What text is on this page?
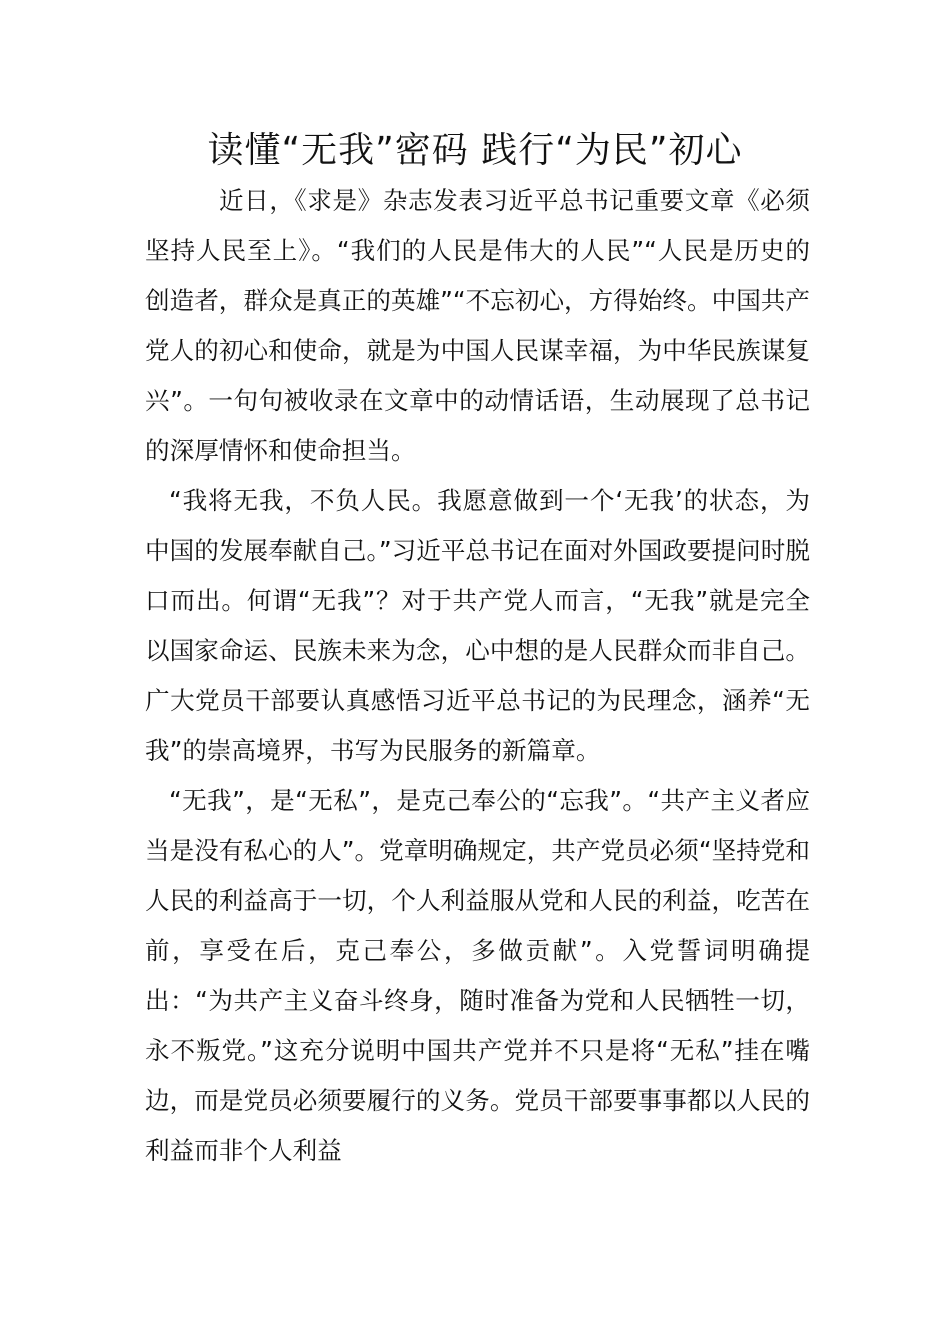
读懂“无我”密码 践行“为民”初心

近日，《求是》杂志发表习近平总书记重要文章《必须坚持人民至上》。“我们的人民是伟大的人民”“人民是历史的创造者，群众是真正的英雄”“不忘初心，方得始终。中国共产党人的初心和使命，就是为中国人民谋幸福，为中华民族谋复兴”。一句句被收录在文章中的动情话语，生动展现了总书记的深厚情怀和使命担当。

“我将无我，不负人民。我愿意做到一个‘无我’的状态，为中国的发展奉献自己。”习近平总书记在面对外国政要提问时脱口而出。何谓“无我”？对于共产党人而言，“无我”就是完全以国家命运、民族未来为念，心中想的是人民群众而非自己。广大党员干部要认真感悟习近平总书记的为民理念，涵养“无我”的崇高境界，书写为民服务的新篇章。

“无我”，是“无私”，是克己奉公的“忘我”。“共产主义者应当是没有私心的人”。党章明确规定，共产党员必须“坚持党和人民的利益高于一切，个人利益服从党和人民的利益，吃苦在前，享受在后，克己奉公，多做贡献”。入党誓词明确提出：“为共产主义奋斗终身，随时准备为党和人民牺牲一切，永不叛党。”这充分说明中国共产党并不只是将“无私”挂在嘴边，而是党员必须要履行的义务。党员干部要事事都以人民的利益而非个人利益
